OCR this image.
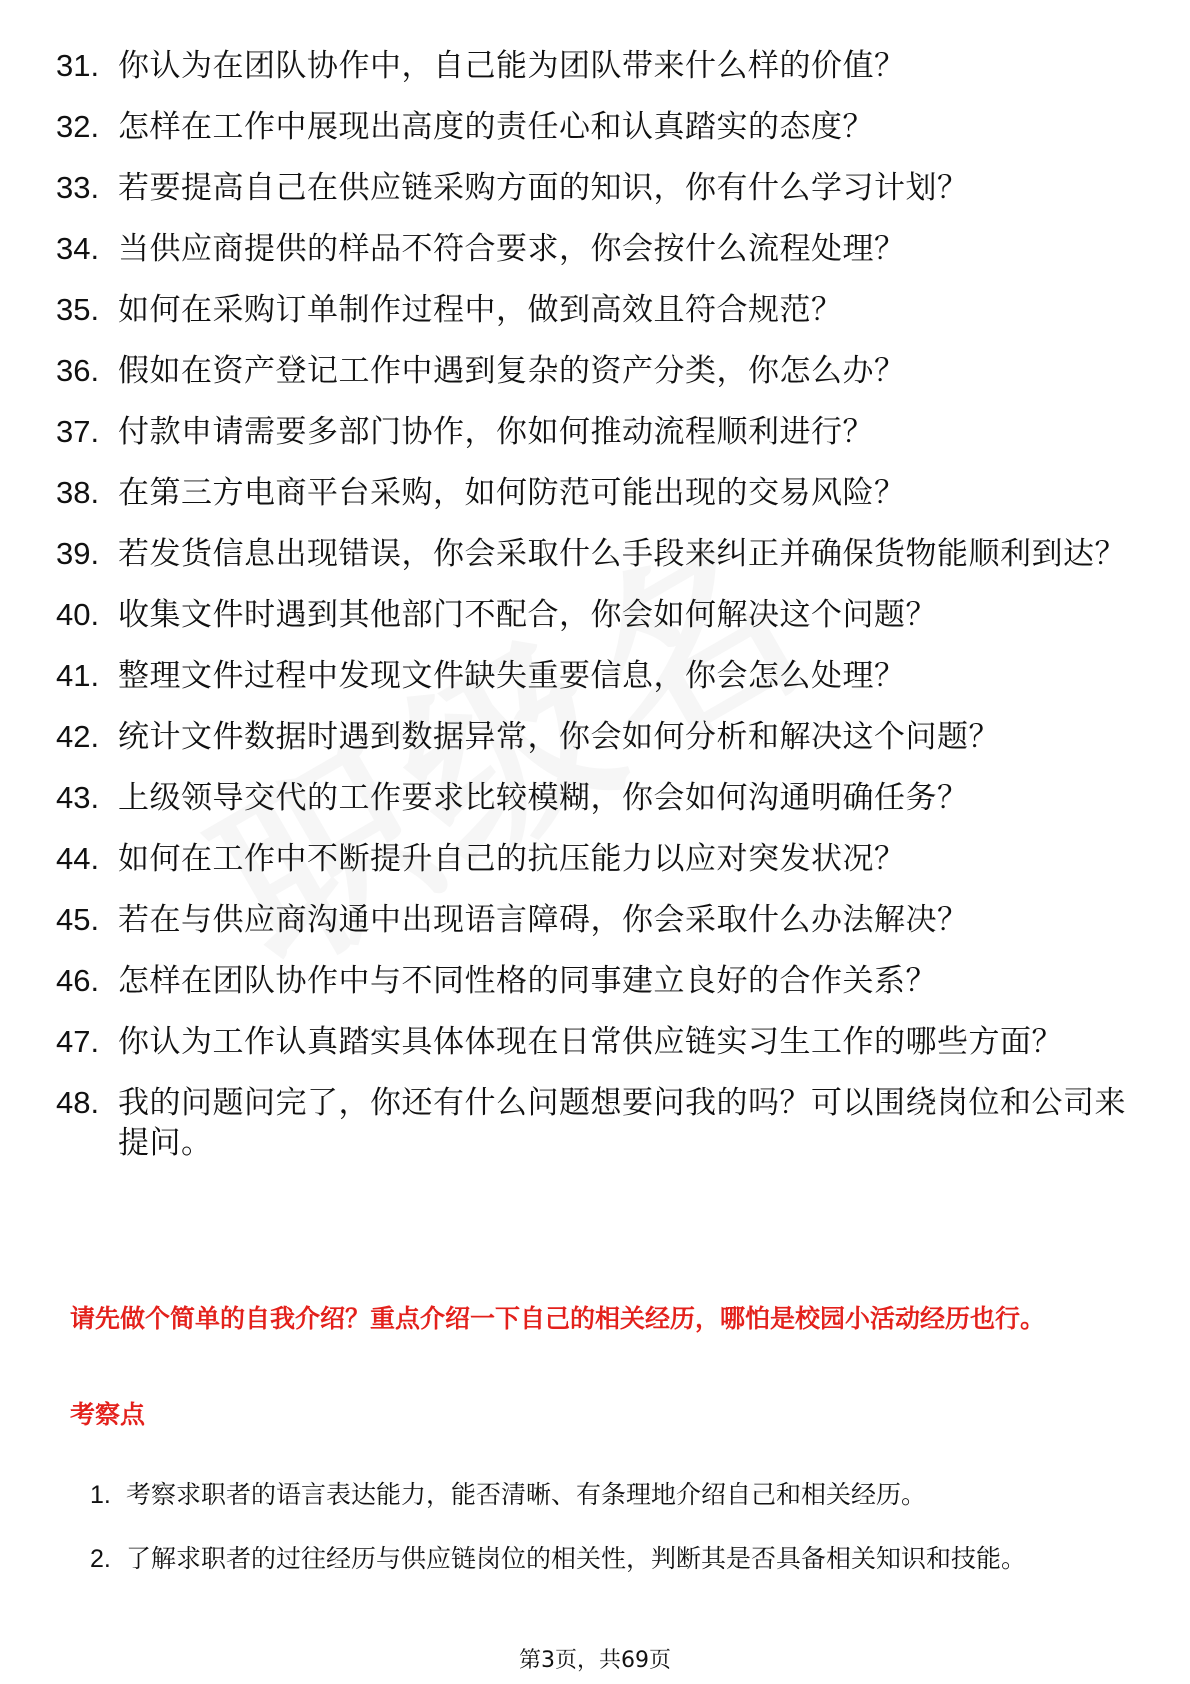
31. 你认为在团队协作中，自己能为团队带来什么样的价值？
32. 怎样在工作中展现出高度的责任心和认真踏实的态度？
33. 若要提高自己在供应链采购方面的知识，你有什么学习计划？
34. 当供应商提供的样品不符合要求，你会按什么流程处理？
35. 如何在采购订单制作过程中，做到高效且符合规范？
36. 假如在资产登记工作中遇到复杂的资产分类，你怎么办？
37. 付款申请需要多部门协作，你如何推动流程顺利进行？
38. 在第三方电商平台采购，如何防范可能出现的交易风险？
39. 若发货信息出现错误，你会采取什么手段来纠正并确保货物能顺利到达？
40. 收集文件时遇到其他部门不配合，你会如何解决这个问题？
41. 整理文件过程中发现文件缺失重要信息，你会怎么处理？
42. 统计文件数据时遇到数据异常，你会如何分析和解决这个问题？
43. 上级领导交代的工作要求比较模糊，你会如何沟通明确任务？
44. 如何在工作中不断提升自己的抗压能力以应对突发状况？
45. 若在与供应商沟通中出现语言障碍，你会采取什么办法解决？
46. 怎样在团队协作中与不同性格的同事建立良好的合作关系？
47. 你认为工作认真踏实具体体现在日常供应链实习生工作的哪些方面？
48. 我的问题问完了，你还有什么问题想要问我的吗？可以围绕岗位和公司来提问。
请先做个简单的自我介绍？重点介绍一下自己的相关经历，哪怕是校园小活动经历也行。
考察点
1. 考察求职者的语言表达能力，能否清晰、有条理地介绍自己和相关经历。
2. 了解求职者的过往经历与供应链岗位的相关性，判断其是否具备相关知识和技能。
第3页，共69页
